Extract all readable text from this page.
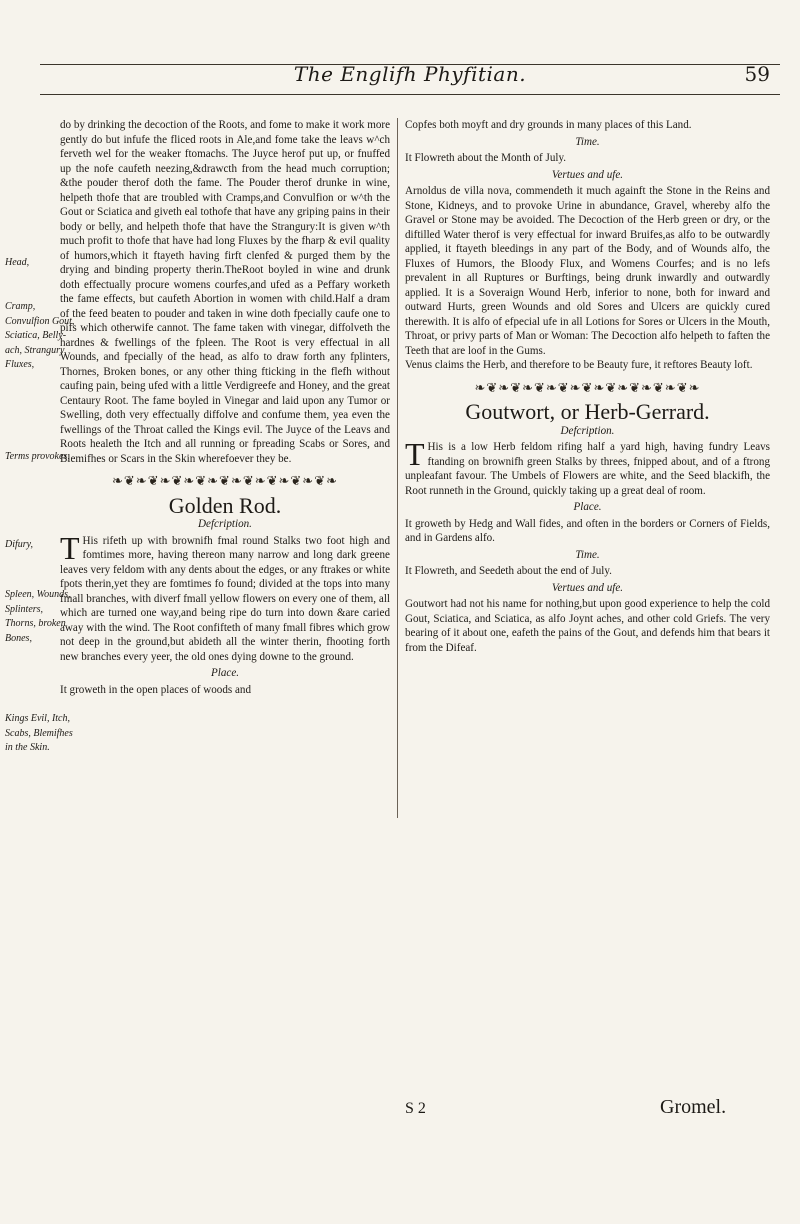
The Englifh Phyfitian.	59
Head,
Cramp, Convulfion Gout, Sciatica, Belly-ach, Strangury, Fluxes,
Terms provokes,
Difury,
Spleen, Wounds, Splinters, Thorns, broken Bones,
Kings Evil, Itch, Scabs, Blemifhes in the Skin.

do by drinking the decoction of the Roots, and fome to make it work more gently do but infufe the fliced roots in Ale,and fome take the leavs w^ch ferveth wel for the weaker ftomachs. The Juyce herof put up, or fnuffed up the nofe caufeth neezing,&drawcth from the head much corruption; &the pouder therof doth the fame. The Pouder therof drunke in wine, helpeth thofe that are troubled with Cramps,and Convulfion or w^th the Gout or Sciatica and giveth eal tothofe that have any griping pains in their body or belly, and helpeth thofe that have the Strangury:It is given w^th much profit to thofe that have had long Fluxes by the fharp & evil quality of humors,which it ftayeth having firft clenfed & purged them by the drying and binding property therin.TheRoot boyled in wine and drunk doth effectually procure womens courfes,and ufed as a Peffary worketh the fame effects, but caufeth Abortion in women with child.Half a dram of the feed beaten to pouder and taken in wine doth fpecially caufe one to pifs which otherwife cannot. The fame taken with vinegar, diffolveth the hardnes & fwellings of the fpleen. The Root is very effectual in all Wounds, and fpecially of the head, as alfo to draw forth any fplinters, Thornes, Broken bones, or any other thing fticking in the flefh without caufing pain, being ufed with a little Verdigreefe and Honey, and the great Centaury Root. The fame boyled in Vinegar and laid upon any Tumor or Swelling, doth very effectually diffolve and confume them, yea even the fwellings of the Throat called the Kings evil. The Juyce of the Leavs and Roots healeth the Itch and all running or fpreading Scabs or Sores, and Blemifhes or Scars in the Skin wherefoever they be.

❧❦❧❦❧❦❧❦❧❦❧❦❧❦❧❦❧❦❧
Golden Rod.
Defcription.

T His rifeth up with brownifh fmal round Stalks two foot high and fomtimes more, having thereon many narrow and long dark greene leaves very feldom with any dents about the edges, or any ftrakes or white fpots therin,yet they are fomtimes fo found; divided at the tops into many fmall branches, with diverf fmall yellow flowers on every one of them, all which are turned one way,and being ripe do turn into down &are caried away with the wind. The Root confifteth of many fmall fibres which grow not deep in the ground,but abideth all the winter therin, fhooting forth new branches every yeer, the old ones dying downe to the ground.

Place.

It groweth in the open places of woods and

Copfes both moyft and dry grounds in many places of this Land.

Time.

It Flowreth about the Month of July.

Vertues and ufe.

Arnoldus de villa nova, commendeth it much againft the Stone in the Reins and Stone, Kidneys, and to provoke Urine in abundance, Gravel, whereby alfo the Gravel or Stone may be avoided. The Decoction of the Herb green or dry, or the diftilled Water therof is very effectual for inward Bruifes,as alfo to be outwardly applied, it ftayeth bleedings in any part of the Body, and of Wounds alfo, the Fluxes of Humors, the Bloody Flux, and Womens Courfes; and is no lefs prevalent in all Ruptures or Burftings, being drunk inwardly and outwardly applied. It is a Soveraign Wound Herb, inferior to none, both for inward and outward Hurts, green Wounds and old Sores and Ulcers are quickly cured therewith. It is alfo of efpecial ufe in all Lotions for Sores or Ulcers in the Mouth, Throat, or privy parts of Man or Woman: The Decoction alfo helpeth to faften the Teeth that are loof in the Gums.

Venus claims the Herb, and therefore to be Beauty fure, it reftores Beauty loft.

❧❦❧❦❧❦❧❦❧❦❧❦❧❦❧❦❧❦❧
Goutwort, or Herb-Gerrard.
Defcription.

T His is a low Herb feldom rifing half a yard high, having fundry Leavs ftanding on brownifh green Stalks by threes, fnipped about, and of a ftrong unpleafant favour. The Umbels of Flowers are white, and the Seed blackifh, the Root runneth in the Ground, quickly taking up a great deal of room.

Place.

It groweth by Hedg and Wall fides, and often in the borders or Corners of Fields, and in Gardens alfo.

Time.

It Flowreth, and Seedeth about the end of July.

Vertues and ufe.

Goutwort had not his name for nothing,but upon good experience to help the cold Gout, Sciatica, and Sciatica, as alfo Joynt aches, and other cold Griefs. The very bearing of it about one, eafeth the pains of the Gout, and defends him that bears it from the Difeaf.

S 2	Gromel.
